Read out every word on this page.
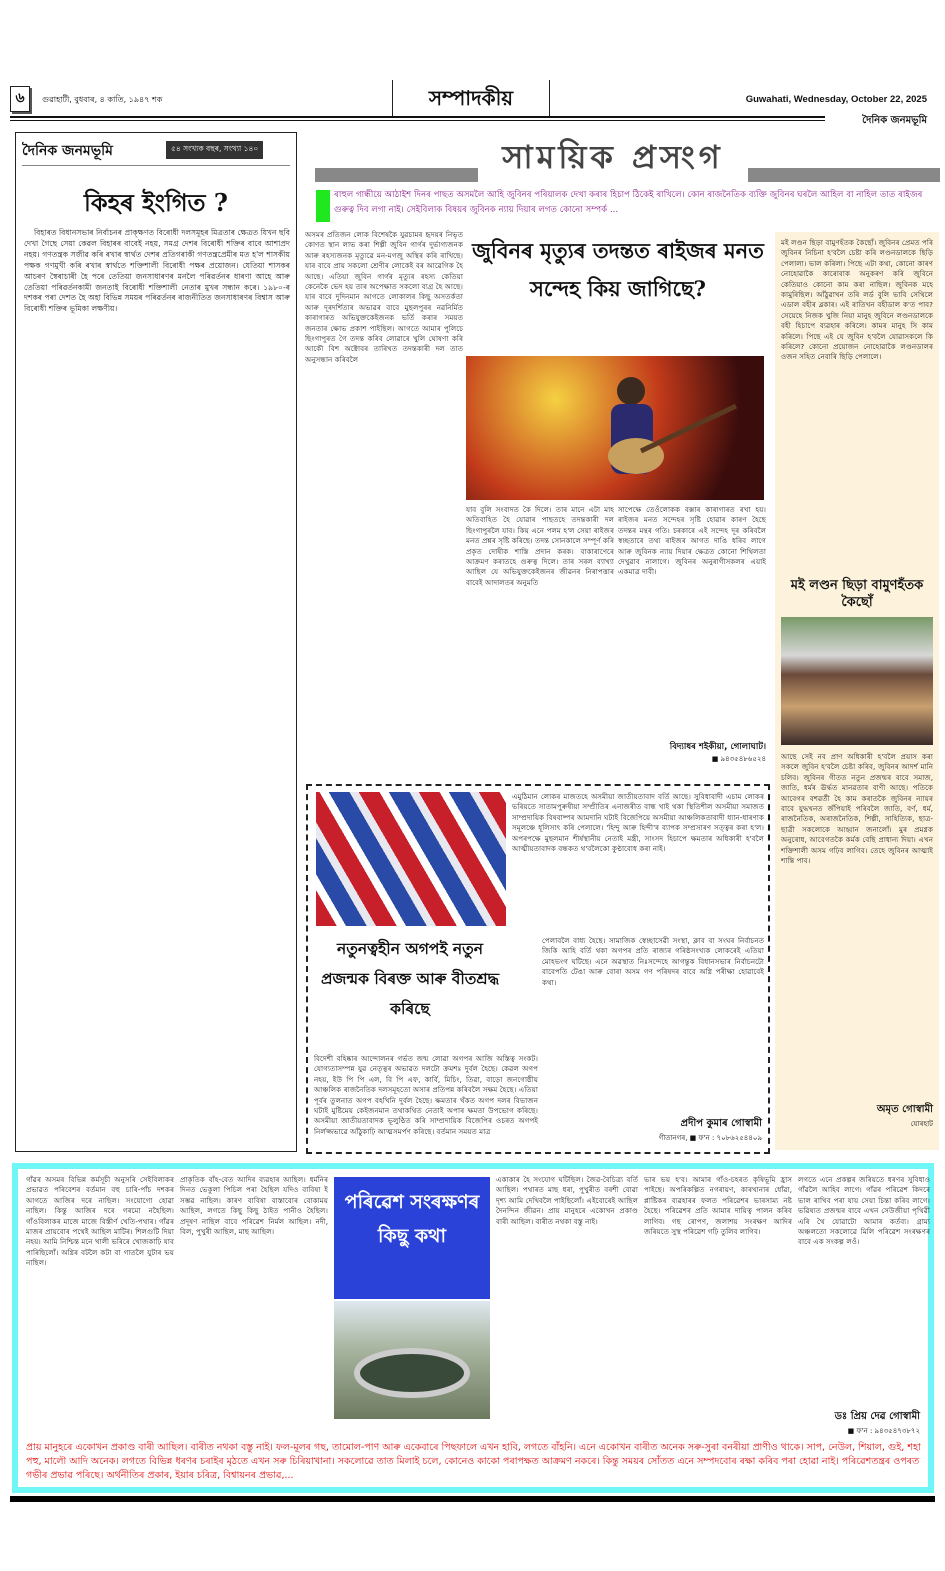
৬	গুৱাহাটী, বুধবাৰ, ৪ কাতি, ১৯৪৭ শক	সম্পাদকীয়	Guwahati, Wednesday, October 22, 2025
দৈনিক জনমভূমি
দৈনিক জনমভূমি	৫৪ সংখ্যক বছৰ, সংখ্যা ১৪০
কিহৰ ইংগিত ?

বিহাৰত বিধানসভাৰ নিৰ্বাচনৰ প্ৰাক্‌ক্ষণত বিৰোধী দলসমূহৰ মিত্ৰতাৰ ক্ষেত্ৰত যিখন ছবি দেখা গৈছে সেয়া কেৱল বিহাৰৰ বাবেই নহয়, সমগ্ৰ দেশৰ বিৰোধী শক্তিৰ বাবে আশাপ্ৰদ নহয়। গণতন্ত্ৰক সজীৱ কৰি ৰখাৰ স্বাৰ্থত দেশৰ প্ৰতিগৰাকী গণতন্ত্ৰপ্ৰেমীৰ মত হ'ল শাসকীয় পক্ষক গণমুখী কৰি ৰখাৰ স্বাৰ্থতে শক্তিশালী বিৰোধী পক্ষৰ প্ৰয়োজন। যেতিয়া শাসকৰ আচৰণ স্বৈৰাচাৰী হৈ পৰে তেতিয়া জনসাধাৰণৰ মনলৈ পৰিৱৰ্তনৰ ধাৰণা আহে আৰু তেতিয়া পৰিৱৰ্তনকামী জনতাই বিৰোধী শক্তিশালী নেতাৰ মুখৰ সন্ধান কৰে। ১৯৮০-ৰ দশকৰ পৰা দেশত হৈ অহা বিভিন্ন সময়ৰ পৰিৱৰ্তনৰ ৰাজনীতিত জনসাধাৰণৰ বিশ্বাস আৰু বিৰোধী শক্তিৰ ভূমিকা লক্ষণীয়।

সাময়িক প্ৰসংগ
ৰাহুল গান্ধীয়ে আঠাইশ দিনৰ পাছত অসমলৈ আহি জুবিনৰ পৰিয়ালক দেখা কৰাৰ হিচাপ ঠিকেই ৰাখিলে। কোন ৰাজনৈতিক ব্যক্তি জুবিনৰ ঘৰলৈ আহিল বা নাহিল তাত ৰাইজৰ গুৰুত্ব দিব লগা নাই। সেইবিলাক বিষয়ৰ জুবিনক ন্যায় দিয়াৰ লগত কোনো সম্পৰ্ক ...
অসমৰ প্ৰতিজন লোক বিশেষকৈ যুৱচামৰ হৃদয়ৰ নিভৃত কোণত স্থান লাভ কৰা শিল্পী জুবিন গাৰ্গৰ দুৰ্ভাগ্যজনক আৰু ৰহস্যজনক মৃত্যুৱে মন-মগজু অস্থিৰ কৰি ৰাখিছে। যাৰ বাবে প্ৰায় সকলো শ্ৰেণীৰ লোকেই বৰ আৱেগিক হৈ আছে। এতিয়া জুবিন গাৰ্গৰ মৃত্যুৰ ৰহস্য কেতিয়া কেনেকৈ ভেদ হয় তাৰ অপেক্ষাত সকলো ব্যগ্ৰ হৈ আছে। যাৰ বাবে দুদিনমান আগতে লোকালৰ কিছু অসতৰ্কতা আৰু দূৰদৰ্শিতাৰ অভাৱৰ বাবে মুছলপুৰৰ নৱনিৰ্মিত কাৰাগাৰত অভিযুক্তকেইজনক ভৰ্তি কৰাৰ সময়ত জনতাৰ ক্ষোভ প্ৰকাশ পাইছিল। আগতে আমাৰ পুলিচে ছিংগাপুৰত গৈ তদন্ত কৰিব লোৱাৰে খুলি ঘোষণা কৰি আকৌ বিশ অক্টোবৰ তাৰিখত তদন্তকাৰী দল তাত অনুসন্ধান কৰিবলৈ
জুবিনৰ মৃত্যুৰ তদন্তত ৰাইজৰ মনত সন্দেহ কিয় জাগিছে?
যাব বুলি সংবাদত কৈ দিলে। তাৰ মানে এটা মাহ অতিবাহিত হৈ যোৱাৰ পাছতহে তদন্তকাৰী দল ছিংগাপুৰলৈ যাব। কিয় এনে পলম হ'ল সেয়া ৰাইজৰ মনত প্ৰশ্নৰ সৃষ্টি কৰিছে। তদন্ত সোনকালে সম্পূৰ্ণ কৰি প্ৰকৃত দোষীক শাস্তি প্ৰদান কৰক। বাকাৰাণেৰে আক্ৰমণ কৰাতহে গুৰুত্ব দিলে। তাৰ সৰল ব্যাখ্যা আছিল যে অভিযুক্তকেইজনৰ জীৱনৰ নিৰাপত্তাৰ বাবেই আদালতৰ অনুমতি
সাপেক্ষে তেওঁলোকক বক্সাৰ কাৰাগাৰত ৰখা হয়। ৰাইজৰ মনত সন্দেহৰ সৃষ্টি হোৱাৰ কাৰণ হৈছে তদন্তৰ মন্থৰ গতি। চৰকাৰে এই সন্দেহ দূৰ কৰিবলৈ স্বচ্ছতাৰে তথ্য ৰাইজৰ আগত দাঙি ধৰিব লাগে আৰু জুবিনক ন্যায় দিয়াৰ ক্ষেত্ৰত কোনো শিথিলতা দেখুৱাব নালাগে। জুবিনৰ অনুৰাগীসকলৰ এয়াই একমাত্ৰ দাবী।
বিদ্যাধৰ শইকীয়া, গোলাঘাট।
■ ৯৪৩৫৪৮৬৫২৪
মই লণ্ডন ছিড়া বামুণহঁতক কৈছোঁ। জুবিনৰ প্ৰেমত পৰি জুবিনৰ নিচিনা হ'বলৈ চেষ্টা কৰি লণ্ডনডালকে ছিড়ি পেলালা। ভাল কৰিলা। পিছে এটা কথা, কোনো কাৰণ নোহোৱাকৈ কাৰোবাক অনুকৰণ কৰি জুবিনে কেতিয়াও কোনো কাম কৰা নাছিল। জুবিনক মহে কামুৰিছিল। আঁঠুৱাখন তৰি লৰ্ড বুলি ভাবি সেথিলে এডাল বহীৰ ব্লকাৰ। এই ৰাতিখন বহীডাল ক'ত পাব? সেয়েহে নিজক খুজি নিয়া মানুহ জুবিনে লণ্ডনডালকে বহী হিচাপে ব্যৱহাৰ কৰিলে। কামৰ মানুহ সি কাম কৰিলে। পিছে এই যে জুবিন হ'বলৈ যোৱাসকলে কি কৰিলে? কোনো প্ৰয়োজন নোহোৱাকৈ লণ্ডনডালৰ ওজন সহিত নেবাৰি ছিড়ি পেলালে।
মই লণ্ডন ছিড়া বামুণহঁতক কৈছোঁ
আছে সেই নব প্ৰাণ অধিকাৰী হ'বলৈ প্ৰয়াস কৰা সকলে জুবিন হ'বলৈ চেষ্টা কৰিব, জুবিনৰ আদৰ্শ মানি চলিব। জুবিনৰ গীতত নতুন প্ৰজন্মৰ বাবে সমাজ, জাতি, ধৰ্মৰ ঊৰ্দ্ধত মানৱতাৰ বাণী আছে। পতিকে আবেগৰ বশৱৰ্তী হৈ কাম কৰাতকৈ জুবিনৰ ন্যায়ৰ বাবে যুদ্ধখনত জঁপিয়াই পৰিবলৈ জাতি, বৰ্ণ, ধৰ্ম, ৰাজনৈতিক, অৰাজনৈতিক, শিল্পী, সাহিত্যিক, ছাত্ৰ-ছাত্ৰী সকলোকে আহ্বান জনালোঁ। মুৰ প্ৰমগ্নক অনুৰোধ, আবেগতকৈ কৰ্মক বেছি প্ৰাধান্য দিয়া। এখন শক্তিশালী অসম গঢ়িব লাগিব। তেহে জুবিনৰ আত্মাই শান্তি পাব।
অমৃত গোস্বামী
যোৰহাট
নতুনত্বহীন অগপই নতুন প্ৰজন্মক বিৰক্ত আৰু বীতশ্ৰদ্ধ কৰিছে
এমুঠিমান লোকৰ মাজতহে অসমীয়া জাতীয়তাবাদ বৰ্তি আছে। সুবিধাবাদী এচাম লোকৰ ভৰিয়তে সাতামপুৰুষীয়া সম্প্ৰীতিৰ এনাজৰীত বান্ধ খাই থকা স্থিতিশীল অসমীয়া সমাজত সাম্প্ৰদায়িক বিষবাষ্পৰ আমদানি ঘটাই বিজেপিয়ে অসমীয়া আঞ্চলিকতাবাদী ধ্যান-ধাৰণাক সমূলঞ্চে ধূলিসাৎ কৰি পেলালে। 'হিন্দু আৰু হিন্দী'ৰ ব্যাপক সম্প্ৰসাৰণ সত্ত্বৰ কৰা হ'ল। অপৰপক্ষে মুছলমান শীৰ্ষস্থানীয় নেতাই মন্ত্ৰী, সাংসদ হিচাপে ক্ষমতাৰ অধিকাৰী হ'বলৈ আত্মীয়তাবাদক বন্ধকত থ'বলৈকো কুণ্ঠাবোধ কৰা নাই।
বিদেশী বহিষ্কাৰ আন্দোলনৰ গৰ্ভত জন্ম লোৱা অগপৰ আজি অস্তিত্ব সংকট। যোগ্যতাসম্পন্ন যুৱ নেতৃত্বৰ অভাৱত দলটো ক্ৰমশঃ দুৰ্বল হৈছে। কেৱল অগপ নহয়, ইউ পি পি এল, বি পি এফ, কাৰ্বি, মিচিং, তিৱা, বাড়ো জনগোষ্ঠীয় আঞ্চলিক ৰাজনৈতিক দলসমূহতো অসাৰ প্ৰতিপন্ন কৰিবলৈ সক্ষম হৈছে। এতিয়া পূৰ্বৰ তুলনাত অগপ বহখিনি দুৰ্বল হৈছে। ক্ষমতাৰ খঁকত অগপ দলৰ বিভাজন ঘটাই মুষ্টিমেয় কেইজনমান তথাকথিত নেতাই অপাৰ ক্ষমতা উপভোগ কৰিছে। অসমীয়া জাতীয়তাবাদক ভূলুণ্ঠিত কৰি সাম্প্ৰদায়িক বিজেপিৰ ওচৰত অগপই নিৰ্লজ্জভাৱে আঁঠুকাঢ়ি আত্মসমৰ্পণ কৰিছে। বৰ্তমান সময়ত মাত্ৰ
পেলাবলৈ বাধ্য হৈছে। সামাজিক স্বেচ্ছাসেৱী সংস্থা, ক্লাব বা সংঘৰ নিৰ্বাচনত জিকি আহি বৰ্তি থকা অগপৰ প্ৰতি ৰাজ্যৰ গৰিষ্ঠসংখ্যক লোকৰেই এতিয়া মোহভংগ ঘটিছে। এনে অৱস্থাত নিঃসন্দেহে আগন্তুক বিধানসভাৰ নিৰ্বাচনটো বাবেপতি টেঙা আৰু বোৰা অসম গণ পৰিষদৰ বাবে অগ্নি পৰীক্ষা হোৱাবেই কথা।
প্ৰদীপ কুমাৰ গোস্বামী
গীতানগৰ, ■ ফ'ন : ৭০৮৬২৫৪৪০৯
গাঁৱৰ অসমৰ বিভিন্ন কৰ্মসূচী অনুসৰি সেইবিলাকৰ প্ৰভাৱত পৰিবেশৰ বৰ্তমান বহু চাৰি-পাঁচ দশকৰ আগতে আজিৰ দৰে নাছিল। সংযোগো হোৱা নাছিল। কিন্তু আজিৰ দৰে গৰমো নহৈছিল। গাঁওবিলাকৰ মাজে মাজে বিস্তীৰ্ণ খেতি-পথাৰ। গাঁৱৰ মাজৰ প্ৰায়বোৰ পথেই আছিল মাটিৰ। শিলগুটি দিয়া নহয়। আমি নিশ্চিন্ত মনে খালী ভৰিৰে খোজকাঢ়ি যাব পাৰিছিলোঁ। অগ্নিৰ বটলৈ কটা বা গাতলৈ যুটাৰ ভয় নাছিল।
প্ৰাকৃতিক বাঁহ-বেত আদিৰ ব্যৱহাৰ আছিল। ধৰ্মনিৰ দিনত ভেকুলা পিচিল পৰা হৈছিল যদিও বাবিষা ই সম্ভৱ নাছিল। কাৰণ বাবিষা বাস্তাবোৰ বোকাময় আছিল, লগতে কিছু কিছু ঠাইত পানীও হৈছিল। প্ৰদূষণ নাছিল বাবে পৰিৱেশ নিৰ্মল আছিল। নদী, বিল, পুখুৰী আছিল, মাছ আছিল।
পৰিৱেশ সংৰক্ষণৰ কিছু কথা
একাকাৰ হৈ সংযোগ ঘটিছিল। জৈৱ-বৈচিত্ৰ্য বৰ্তি আছিল। পথাৰত মাছ ধৰা, পুখুৰীত বৰশী বোৱা দৃশ্য আমি দেখিবলৈ পাইছিলোঁ। এইবোৰেই আছিল দৈনন্দিন জীৱন। প্ৰায় মানুহৰে একোখন প্ৰকাণ্ড বাৰী আছিল। বাৰীত নথকা বস্তু নাই।
ভাৰ ভয় হ'ব। আমাৰ গাঁও-চহৰত কৃষিভূমি হ্ৰাস পাইছে। অপৰিকল্পিত নগৰায়ণ, কাৰখানাৰ ধোঁৱা, প্লাষ্টিকৰ ব্যৱহাৰৰ ফলত পৰিৱেশৰ ভাৰসাম্য নষ্ট হৈছে। পৰিৱেশৰ প্ৰতি আমাৰ দায়িত্ব পালন কৰিব লাগিব। গছ ৰোপণ, জলাশয় সংৰক্ষণ আদিৰ জৰিয়তে সুস্থ পৰিৱেশ গঢ়ি তুলিব লাগিব।
লগতে এনে প্ৰকল্পৰ জৰিয়তে ধৰণৰ সুবিধাও গাঁৱলৈ আহিব লাগে। গাঁৱৰ পৰিৱেশ কিদৰে ভাল ৰাখিব পৰা যায় সেয়া চিন্তা কৰিব লাগে। ভৱিষ্যত প্ৰজন্মৰ বাবে এখন সেউজীয়া পৃথিৱী এৰি থৈ যোৱাটো আমাৰ কৰ্তব্য। গ্ৰাম্য অঞ্চলতো সকলোৱে মিলি পৰিৱেশ সংৰক্ষণৰ বাবে এক সংকল্প লওঁ।
ডঃ প্ৰিয় দেৱ গোস্বামী
■ ফ'ন : ৯৪৩৫৪৭৩৮৭২
প্ৰায় মানুহৰে একোখন প্ৰকাণ্ড বাৰী আছিল। বাৰীত নথকা বস্তু নাই। ফল-মূলৰ গছ, তামোল-পাণ আৰু একেবাৰে পিছফালে এখন হাবি, লগতে বাঁহনি। এনে একোখন বাৰীত অনেক সৰু-সুৰা বনৰীয়া প্ৰাণীও থাকে। সাপ, নেউল, শিয়াল, গুই, শহা পহু, মালৌ আদি অনেক। লগতে বিভিন্ন ধৰণৰ চৰাইৰ মৃঠতে এখন সৰু চিৰিয়াখানা। সকলোৱে তাত মিলাই চলে, কোনেও কাকো পৰাপক্ষত আক্ৰমণ নকৰে। কিন্তু সময়ৰ সোঁতত এনে সম্পদবোৰ ৰক্ষা কৰিব পৰা হোৱা নাই। পৰিৱেশতন্ত্ৰৰ ওপৰত গভীৰ প্ৰভাৱ পৰিছে। অৰ্থনীতিৰ প্ৰকাৰ, ইয়াৰ চৰিত্ৰ, বিশ্বায়নৰ প্ৰভাৱ,...
